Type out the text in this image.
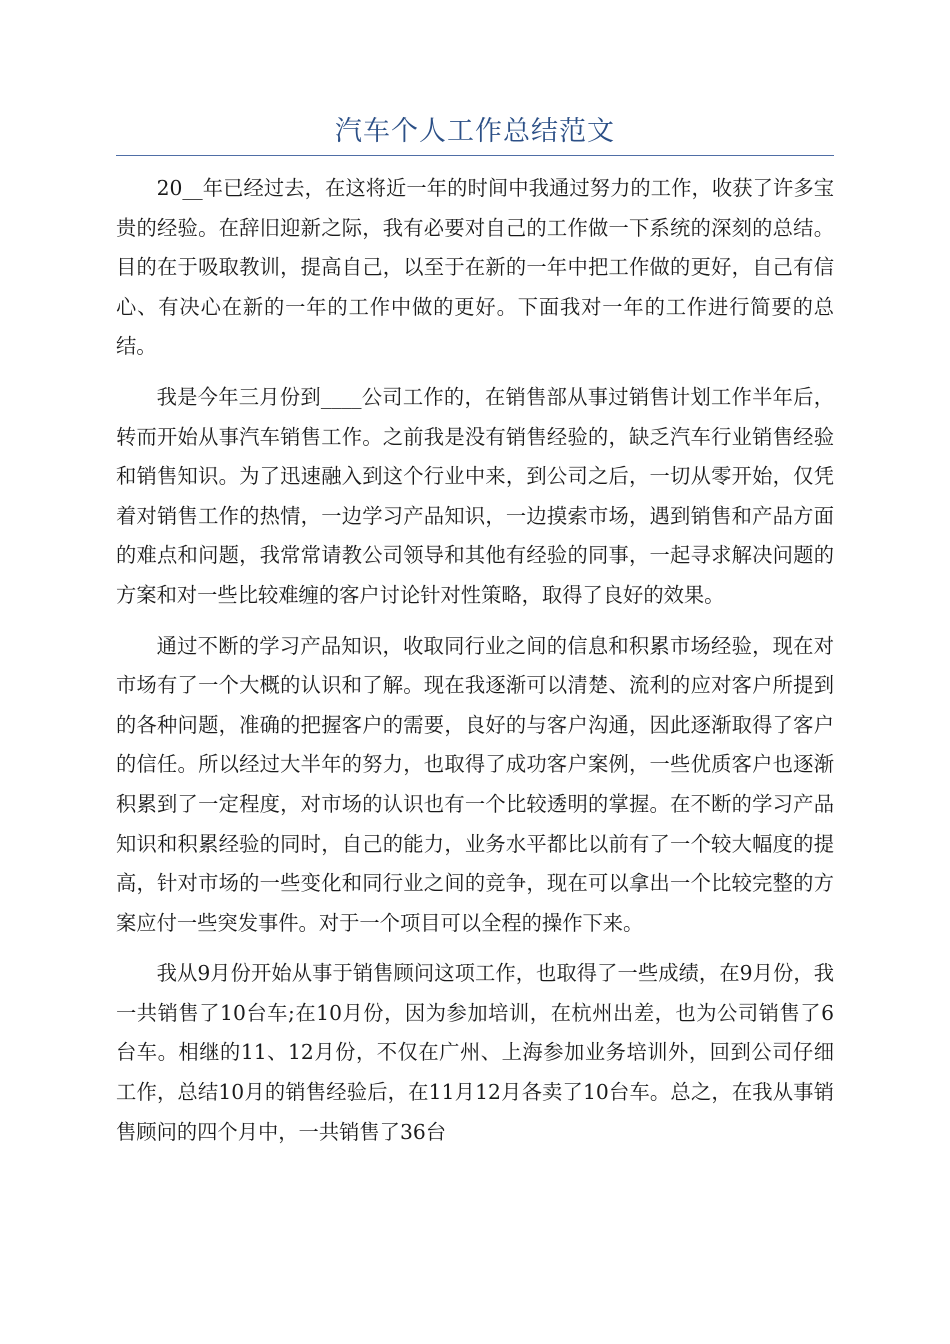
汽车个人工作总结范文

20__年已经过去，在这将近一年的时间中我通过努力的工作，收获了许多宝贵的经验。在辞旧迎新之际，我有必要对自己的工作做一下系统的深刻的总结。目的在于吸取教训，提高自己，以至于在新的一年中把工作做的更好，自己有信心、有决心在新的一年的工作中做的更好。下面我对一年的工作进行简要的总结。

我是今年三月份到____公司工作的，在销售部从事过销售计划工作半年后，转而开始从事汽车销售工作。之前我是没有销售经验的，缺乏汽车行业销售经验和销售知识。为了迅速融入到这个行业中来，到公司之后，一切从零开始，仅凭着对销售工作的热情，一边学习产品知识，一边摸索市场，遇到销售和产品方面的难点和问题，我常常请教公司领导和其他有经验的同事，一起寻求解决问题的方案和对一些比较难缠的客户讨论针对性策略，取得了良好的效果。

通过不断的学习产品知识，收取同行业之间的信息和积累市场经验，现在对市场有了一个大概的认识和了解。现在我逐渐可以清楚、流利的应对客户所提到的各种问题，准确的把握客户的需要，良好的与客户沟通，因此逐渐取得了客户的信任。所以经过大半年的努力，也取得了成功客户案例，一些优质客户也逐渐积累到了一定程度，对市场的认识也有一个比较透明的掌握。在不断的学习产品知识和积累经验的同时，自己的能力，业务水平都比以前有了一个较大幅度的提高，针对市场的一些变化和同行业之间的竞争，现在可以拿出一个比较完整的方案应付一些突发事件。对于一个项目可以全程的操作下来。

我从9月份开始从事于销售顾问这项工作，也取得了一些成绩，在9月份，我一共销售了10台车;在10月份，因为参加培训，在杭州出差，也为公司销售了6台车。相继的11、12月份，不仅在广州、上海参加业务培训外，回到公司仔细工作，总结10月的销售经验后，在11月12月各卖了10台车。总之，在我从事销售顾问的四个月中，一共销售了36台
